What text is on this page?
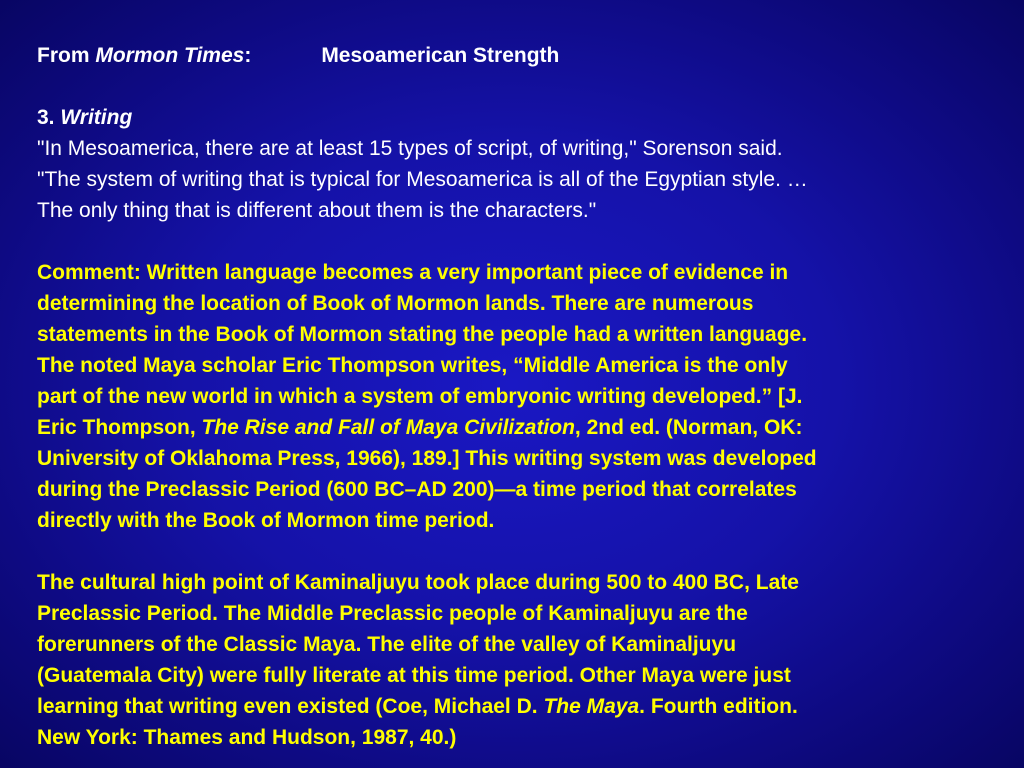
From Mormon Times:	Mesoamerican Strength
3. Writing
"In Mesoamerica, there are at least 15 types of script, of writing," Sorenson said.
"The system of writing that is typical for Mesoamerica is all of the Egyptian style. …
The only thing that is different about them is the characters."
Comment: Written language becomes a very important piece of evidence in
determining the location of Book of Mormon lands. There are numerous
statements in the Book of Mormon stating the people had a written language.
The noted Maya scholar Eric Thompson writes, “Middle America is the only
part of the new world in which a system of embryonic writing developed.” [J.
Eric Thompson, The Rise and Fall of Maya Civilization, 2nd ed. (Norman, OK:
University of Oklahoma Press, 1966), 189.] This writing system was developed
during the Preclassic Period (600 BC–AD 200)—a time period that correlates
directly with the Book of Mormon time period.
The cultural high point of Kaminaljuyu took place during 500 to 400 BC, Late
Preclassic Period. The Middle Preclassic people of Kaminaljuyu are the
forerunners of the Classic Maya. The elite of the valley of Kaminaljuyu
(Guatemala City) were fully literate at this time period. Other Maya were just
learning that writing even existed (Coe, Michael D. The Maya. Fourth edition.
New York: Thames and Hudson, 1987, 40.)
